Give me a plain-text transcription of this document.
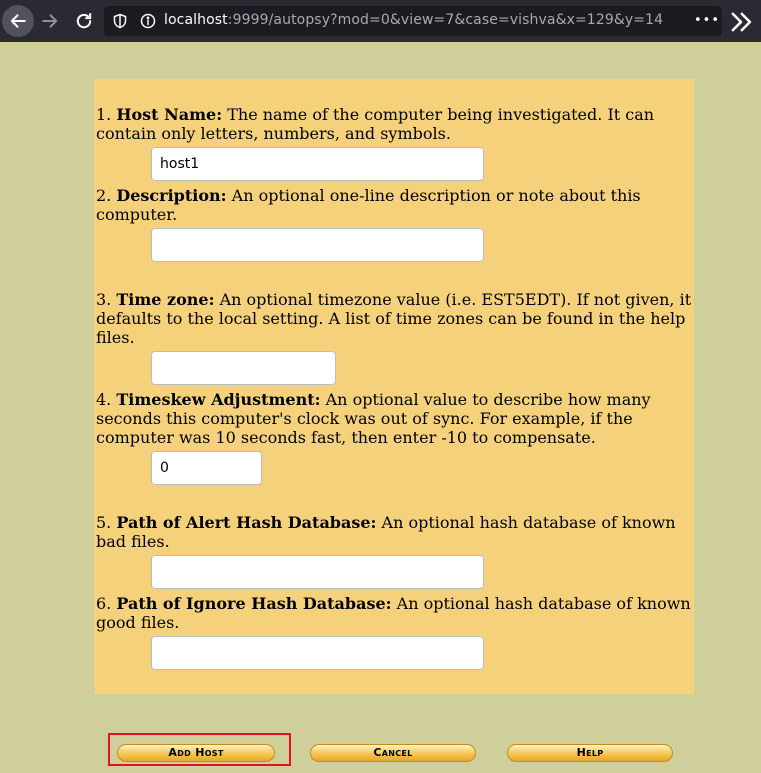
localhost:9999/autopsy?mod=0&view=7&case=vishva&x=129&y=14 •••

1. Host Name: The name of the computer being investigated. It can contain only letters, numbers, and symbols.

host1

2. Description: An optional one-line description or note about this computer.

3. Time zone: An optional timezone value (i.e. EST5EDT). If not given, it defaults to the local setting. A list of time zones can be found in the help files.

4. Timeskew Adjustment: An optional value to describe how many seconds this computer's clock was out of sync. For example, if the computer was 10 seconds fast, then enter -10 to compensate.

0

5. Path of Alert Hash Database: An optional hash database of known bad files.

6. Path of Ignore Hash Database: An optional hash database of known good files.

Add Host	Cancel	Help
